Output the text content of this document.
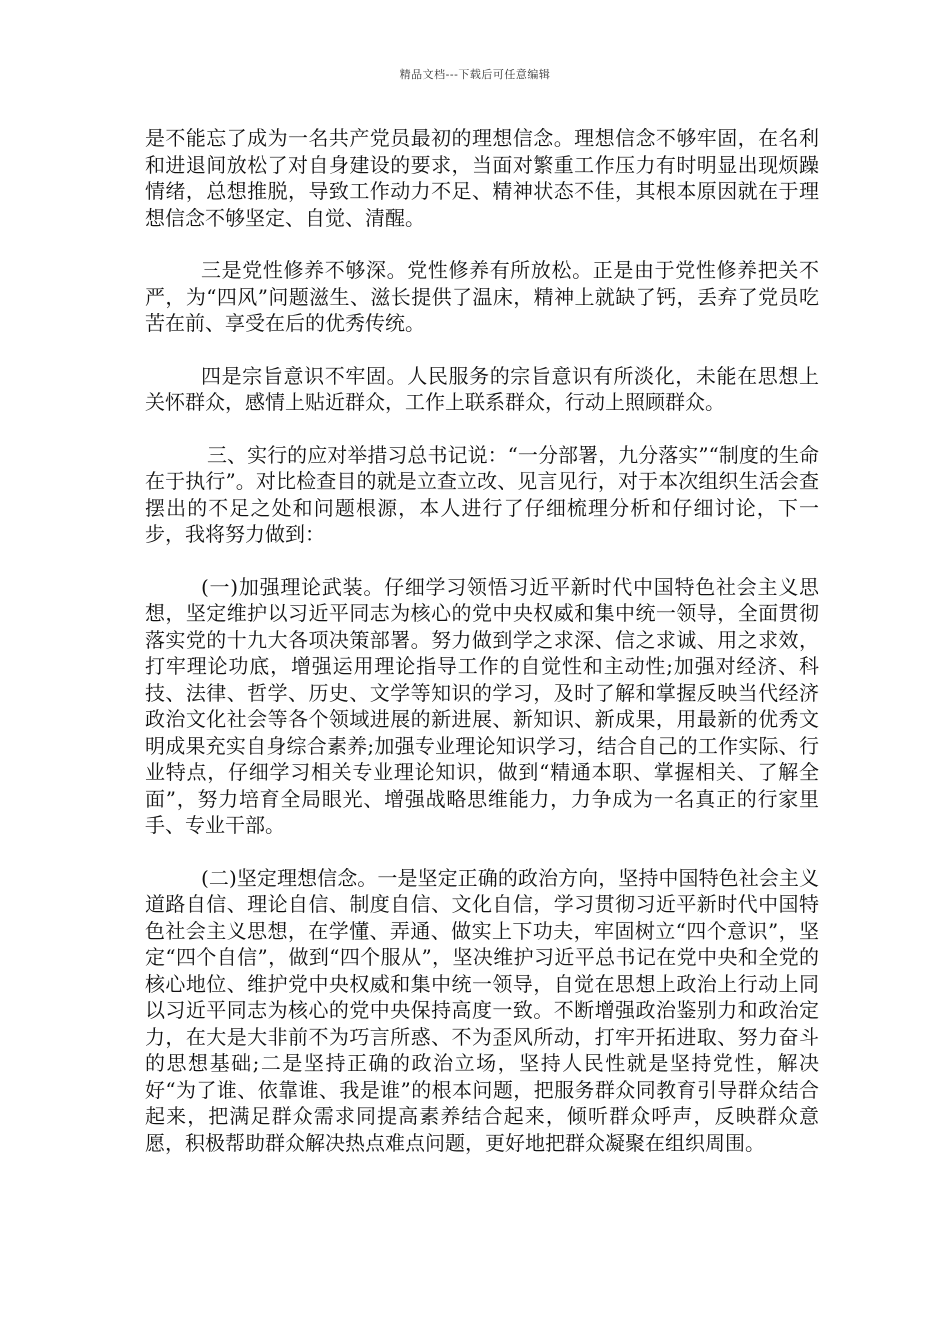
精品文档---下载后可任意编辑

是不能忘了成为一名共产党员最初的理想信念。理想信念不够牢固，在名利和进退间放松了对自身建设的要求，当面对繁重工作压力有时明显出现烦躁情绪，总想推脱，导致工作动力不足、精神状态不佳，其根本原因就在于理想信念不够坚定、自觉、清醒。

三是党性修养不够深。党性修养有所放松。正是由于党性修养把关不严，为“四风”问题滋生、滋长提供了温床，精神上就缺了钙，丢弃了党员吃苦在前、享受在后的优秀传统。

四是宗旨意识不牢固。人民服务的宗旨意识有所淡化，未能在思想上关怀群众，感情上贴近群众，工作上联系群众，行动上照顾群众。

三、实行的应对举措习总书记说：“一分部署，九分落实”“制度的生命在于执行”。对比检查目的就是立查立改、见言见行，对于本次组织生活会查摆出的不足之处和问题根源，本人进行了仔细梳理分析和仔细讨论，下一步，我将努力做到：

(一)加强理论武装。仔细学习领悟习近平新时代中国特色社会主义思想，坚定维护以习近平同志为核心的党中央权威和集中统一领导，全面贯彻落实党的十九大各项决策部署。努力做到学之求深、信之求诚、用之求效，打牢理论功底，增强运用理论指导工作的自觉性和主动性;加强对经济、科技、法律、哲学、历史、文学等知识的学习，及时了解和掌握反映当代经济政治文化社会等各个领域进展的新进展、新知识、新成果，用最新的优秀文明成果充实自身综合素养;加强专业理论知识学习，结合自己的工作实际、行业特点，仔细学习相关专业理论知识，做到“精通本职、掌握相关、了解全面”，努力培育全局眼光、增强战略思维能力，力争成为一名真正的行家里手、专业干部。

(二)坚定理想信念。一是坚定正确的政治方向，坚持中国特色社会主义道路自信、理论自信、制度自信、文化自信，学习贯彻习近平新时代中国特色社会主义思想，在学懂、弄通、做实上下功夫，牢固树立“四个意识”，坚定“四个自信”，做到“四个服从”，坚决维护习近平总书记在党中央和全党的核心地位、维护党中央权威和集中统一领导，自觉在思想上政治上行动上同以习近平同志为核心的党中央保持高度一致。不断增强政治鉴别力和政治定力，在大是大非前不为巧言所惑、不为歪风所动，打牢开拓进取、努力奋斗的思想基础;二是坚持正确的政治立场，坚持人民性就是坚持党性，解决好“为了谁、依靠谁、我是谁”的根本问题，把服务群众同教育引导群众结合起来，把满足群众需求同提高素养结合起来，倾听群众呼声，反映群众意愿，积极帮助群众解决热点难点问题，更好地把群众凝聚在组织周围。
